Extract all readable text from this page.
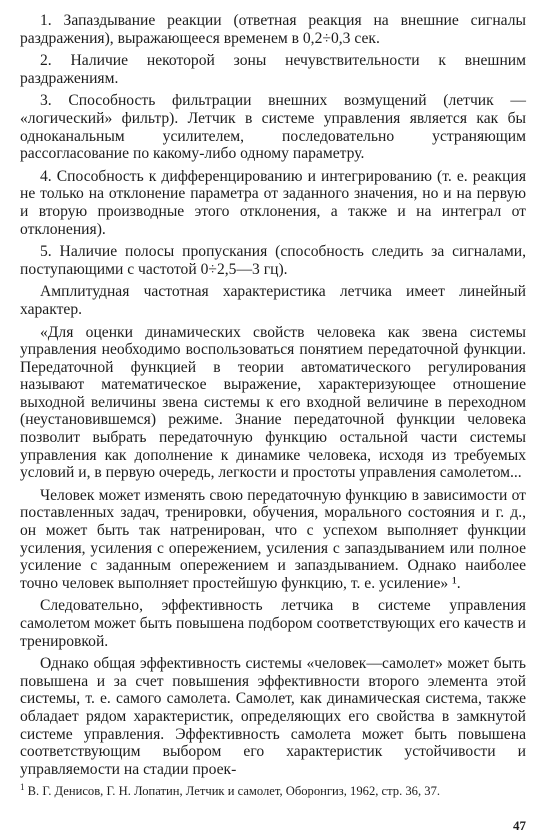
1. Запаздывание реакции (ответная реакция на внешние сигналы раздражения), выражающееся временем в 0,2÷0,3 сек.

2. Наличие некоторой зоны нечувствительности к внешним раздражениям.

3. Способность фильтрации внешних возмущений (летчик — «логический» фильтр). Летчик в системе управления является как бы одноканальным усилителем, последовательно устраняющим рассогласование по какому-либо одному параметру.

4. Способность к дифференцированию и интегрированию (т. е. реакция не только на отклонение параметра от заданного значения, но и на первую и вторую производные этого отклонения, а также и на интеграл от отклонения).

5. Наличие полосы пропускания (способность следить за сигналами, поступающими с частотой 0÷2,5—3 гц).

Амплитудная частотная характеристика летчика имеет линейный характер.

«Для оценки динамических свойств человека как звена системы управления необходимо воспользоваться понятием передаточной функции. Передаточной функцией в теории автоматического регулирования называют математическое выражение, характеризующее отношение выходной величины звена системы к его входной величине в переходном (неустановившемся) режиме. Знание передаточной функции человека позволит выбрать передаточную функцию остальной части системы управления как дополнение к динамике человека, исходя из требуемых условий и, в первую очередь, легкости и простоты управления самолетом...

Человек может изменять свою передаточную функцию в зависимости от поставленных задач, тренировки, обучения, морального состояния и г. д., он может быть так натренирован, что с успехом выполняет функции усиления, усиления с опережением, усиления с запаздыванием или полное усиление с заданным опережением и запаздыванием. Однако наиболее точно человек выполняет простейшую функцию, т. е. усиление» ¹.

Следовательно, эффективность летчика в системе управления самолетом может быть повышена подбором соответствующих его качеств и тренировкой.

Однако общая эффективность системы «человек—самолет» может быть повышена и за счет повышения эффективности второго элемента этой системы, т. е. самого самолета. Самолет, как динамическая система, также обладает рядом характеристик, определяющих его свойства в замкнутой системе управления. Эффективность самолета может быть повышена соответствующим выбором его характеристик устойчивости и управляемости на стадии проек-

$^1$ В. Г. Денисов, Г. Н. Лопатин, Летчик и самолет, Оборонгиз, 1962, стр. 36, 37.
47
